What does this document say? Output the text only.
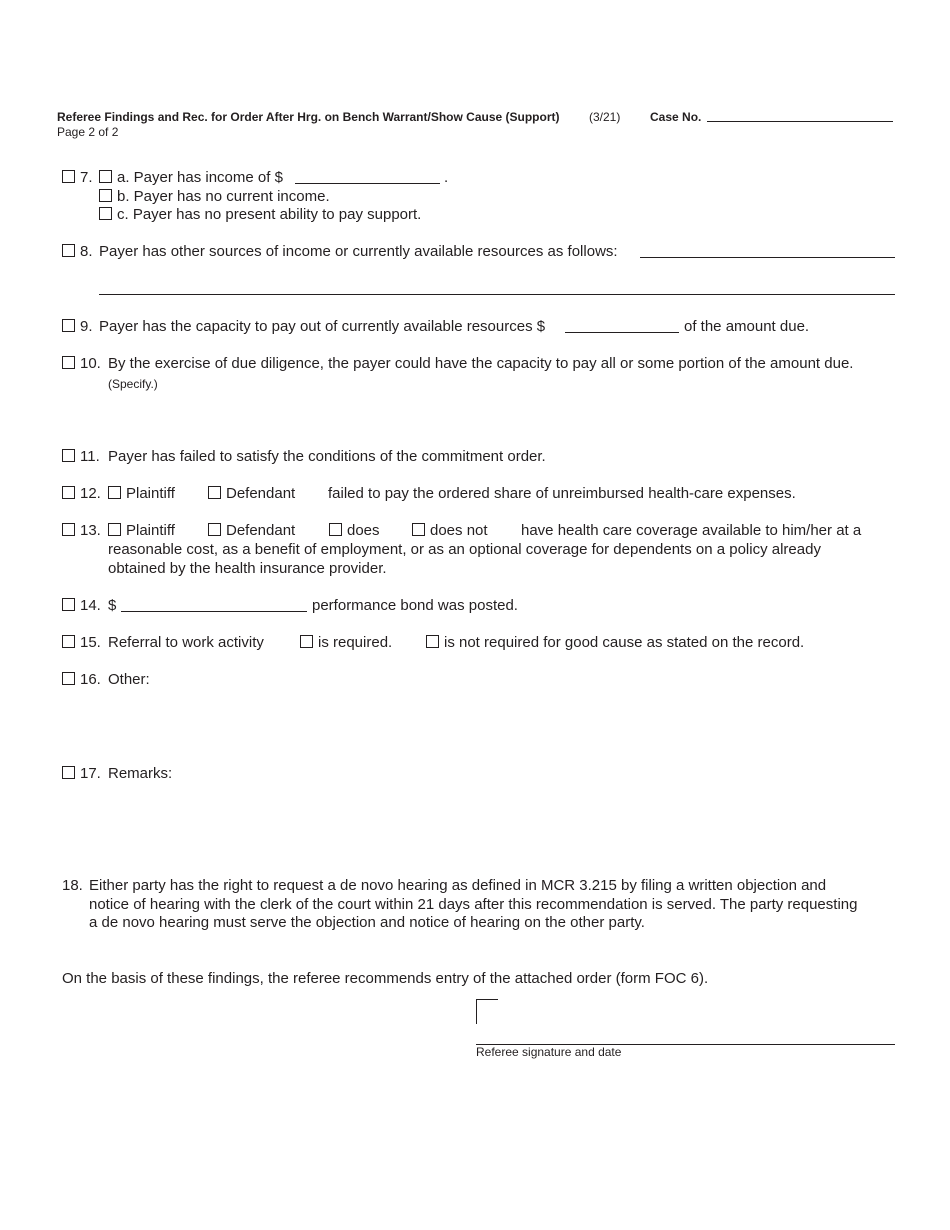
Referee Findings and Rec. for Order After Hrg. on Bench Warrant/Show Cause (Support) (3/21) Case No.
Page 2 of 2
7. a. Payer has income of $	.
b. Payer has no current income.
c. Payer has no present ability to pay support.
8. Payer has other sources of income or currently available resources as follows:
9. Payer has the capacity to pay out of currently available resources $	of the amount due.
10. By the exercise of due diligence, the payer could have the capacity to pay all or some portion of the amount due.
(Specify.)
11. Payer has failed to satisfy the conditions of the commitment order.
12. Plaintiff	Defendant failed to pay the ordered share of unreimbursed health-care expenses.
13. Plaintiff	Defendant	does	does not have health care coverage available to him/her at a
reasonable cost, as a benefit of employment, or as an optional coverage for dependents on a policy already
obtained by the health insurance provider.
14. $	performance bond was posted.
15. Referral to work activity	is required.	is not required for good cause as stated on the record.
16. Other:
17. Remarks:
18. Either party has the right to request a de novo hearing as defined in MCR 3.215 by filing a written objection and
notice of hearing with the clerk of the court within 21 days after this recommendation is served. The party requesting
a de novo hearing must serve the objection and notice of hearing on the other party.
On the basis of these findings, the referee recommends entry of the attached order (form FOC 6).
Referee signature and date
